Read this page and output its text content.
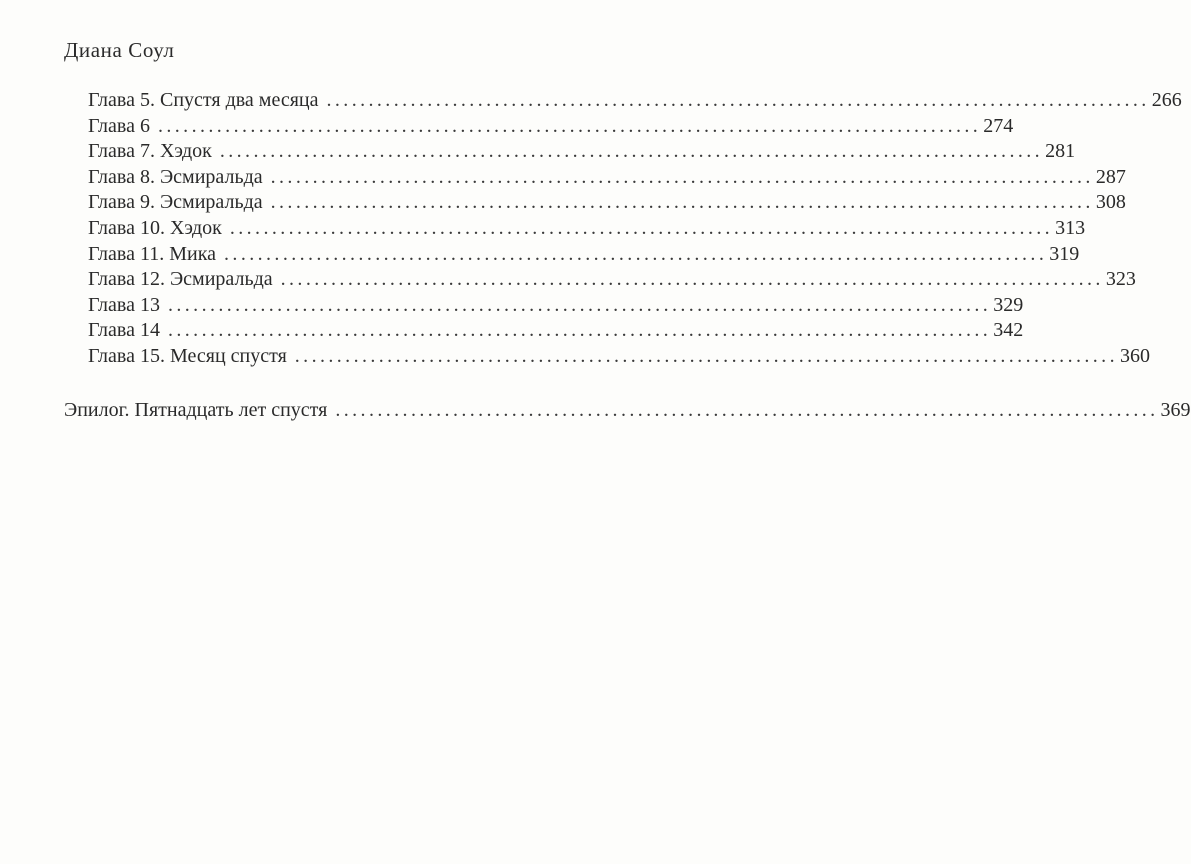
Диана Соул
Глава 5. Спустя два месяца .................................................................................................. 266
Глава 6 .................................................................................................. 274
Глава 7. Хэдок .................................................................................................. 281
Глава 8. Эсмиральда .................................................................................................. 287
Глава 9. Эсмиральда .................................................................................................. 308
Глава 10. Хэдок .................................................................................................. 313
Глава 11. Мика .................................................................................................. 319
Глава 12. Эсмиральда .................................................................................................. 323
Глава 13 .................................................................................................. 329
Глава 14 .................................................................................................. 342
Глава 15. Месяц спустя .................................................................................................. 360
Эпилог. Пятнадцать лет спустя .................................................................................................. 369
